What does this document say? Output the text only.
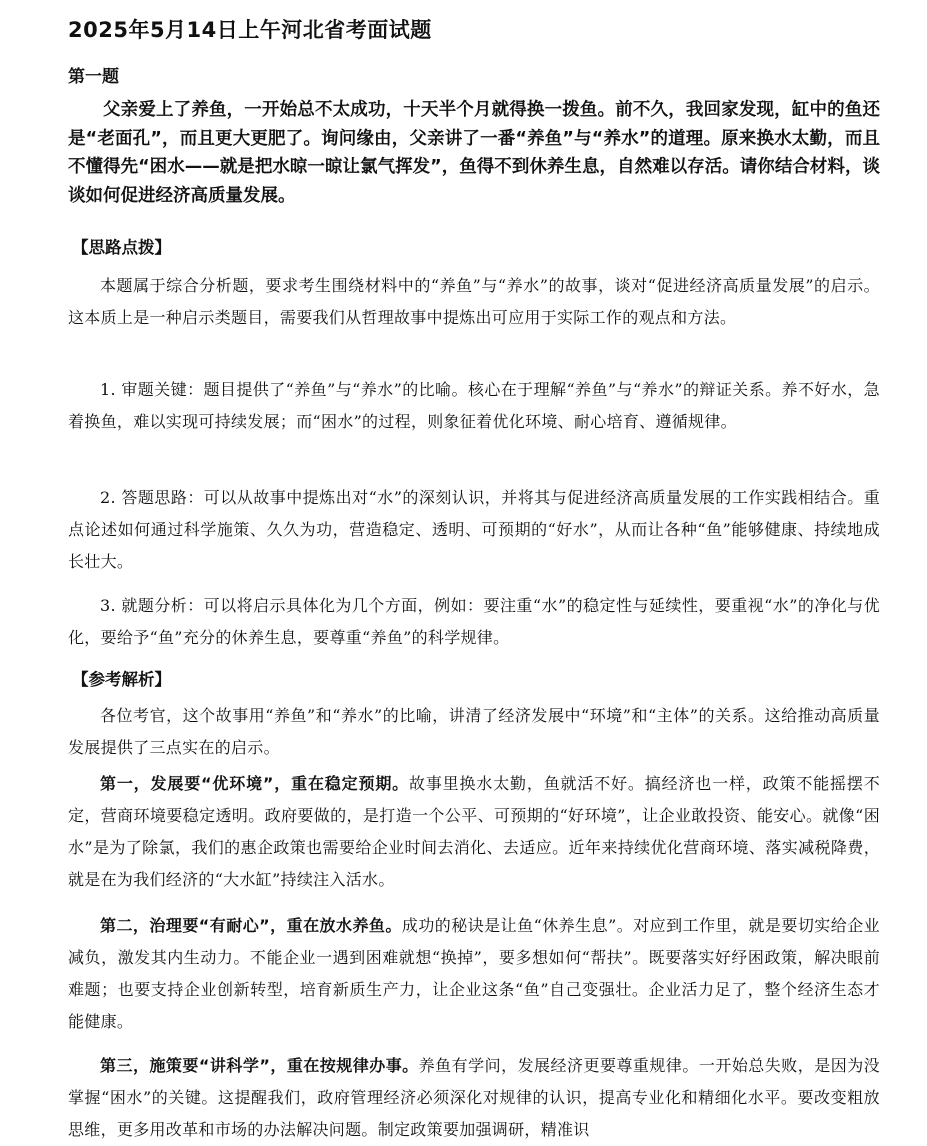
2025年5月14日上午河北省考面试题
第一题
父亲爱上了养鱼，一开始总不太成功，十天半个月就得换一拨鱼。前不久，我回家发现，缸中的鱼还是“老面孔”，而且更大更肥了。询问缘由，父亲讲了一番“养鱼”与“养水”的道理。原来换水太勤，而且不懂得先“困水——就是把水晾一晾让氯气挥发”，鱼得不到休养生息，自然难以存活。请你结合材料，谈谈如何促进经济高质量发展。
【思路点拨】
本题属于综合分析题，要求考生围绕材料中的“养鱼”与“养水”的故事，谈对“促进经济高质量发展”的启示。这本质上是一种启示类题目，需要我们从哲理故事中提炼出可应用于实际工作的观点和方法。
1. 审题关键：题目提供了“养鱼”与“养水”的比喻。核心在于理解“养鱼”与“养水”的辩证关系。养不好水，急着换鱼，难以实现可持续发展；而“困水”的过程，则象征着优化环境、耐心培育、遵循规律。
2. 答题思路：可以从故事中提炼出对“水”的深刻认识，并将其与促进经济高质量发展的工作实践相结合。重点论述如何通过科学施策、久久为功，营造稳定、透明、可预期的“好水”，从而让各种“鱼”能够健康、持续地成长壮大。
3. 就题分析：可以将启示具体化为几个方面，例如：要注重“水”的稳定性与延续性，要重视“水”的净化与优化，要给予“鱼”充分的休养生息，要尊重“养鱼”的科学规律。
【参考解析】
各位考官，这个故事用“养鱼”和“养水”的比喻，讲清了经济发展中“环境”和“主体”的关系。这给推动高质量发展提供了三点实在的启示。
第一，发展要“优环境”，重在稳定预期。故事里换水太勤，鱼就活不好。搞经济也一样，政策不能摇摆不定，营商环境要稳定透明。政府要做的，是打造一个公平、可预期的“好环境”，让企业敢投资、能安心。就像“困水”是为了除氯，我们的惠企政策也需要给企业时间去消化、去适应。近年来持续优化营商环境、落实减税降费，就是在为我们经济的“大水缸”持续注入活水。
第二，治理要“有耐心”，重在放水养鱼。成功的秘诀是让鱼“休养生息”。对应到工作里，就是要切实给企业减负，激发其内生动力。不能企业一遇到困难就想“换掉”，要多想如何“帮扶”。既要落实好纾困政策，解决眼前难题；也要支持企业创新转型，培育新质生产力，让企业这条“鱼”自己变强壮。企业活力足了，整个经济生态才能健康。
第三，施策要“讲科学”，重在按规律办事。养鱼有学问，发展经济更要尊重规律。一开始总失败，是因为没掌握“困水”的关键。这提醒我们，政府管理经济必须深化对规律的认识，提高专业化和精细化水平。要改变粗放思维，更多用改革和市场的办法解决问题。制定政策要加强调研，精准识
